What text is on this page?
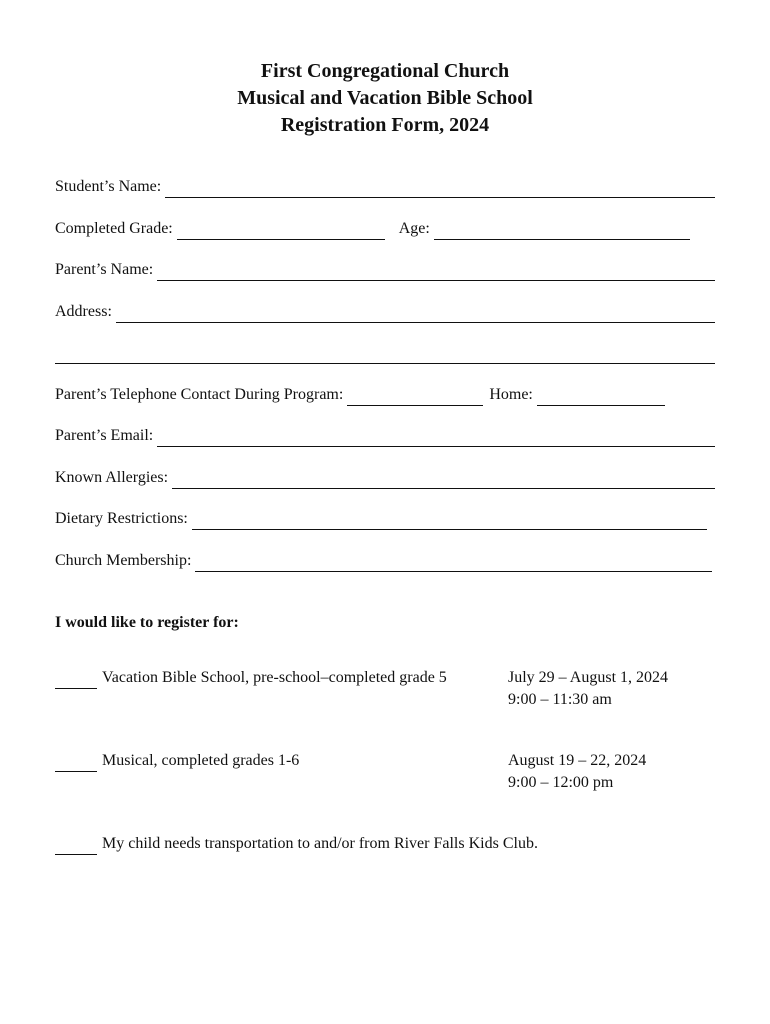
First Congregational Church
Musical and Vacation Bible School
Registration Form, 2024
Student’s Name:
Completed Grade:	Age:
Parent’s Name:
Address:
Parent’s Telephone Contact During Program:	Home:
Parent’s Email:
Known Allergies:
Dietary Restrictions:
Church Membership:
I would like to register for:
Vacation Bible School, pre-school–completed grade 5	July 29 – August 1, 2024
9:00 – 11:30 am
Musical, completed grades 1-6	August 19 – 22, 2024
9:00 – 12:00 pm
My child needs transportation to and/or from River Falls Kids Club.
